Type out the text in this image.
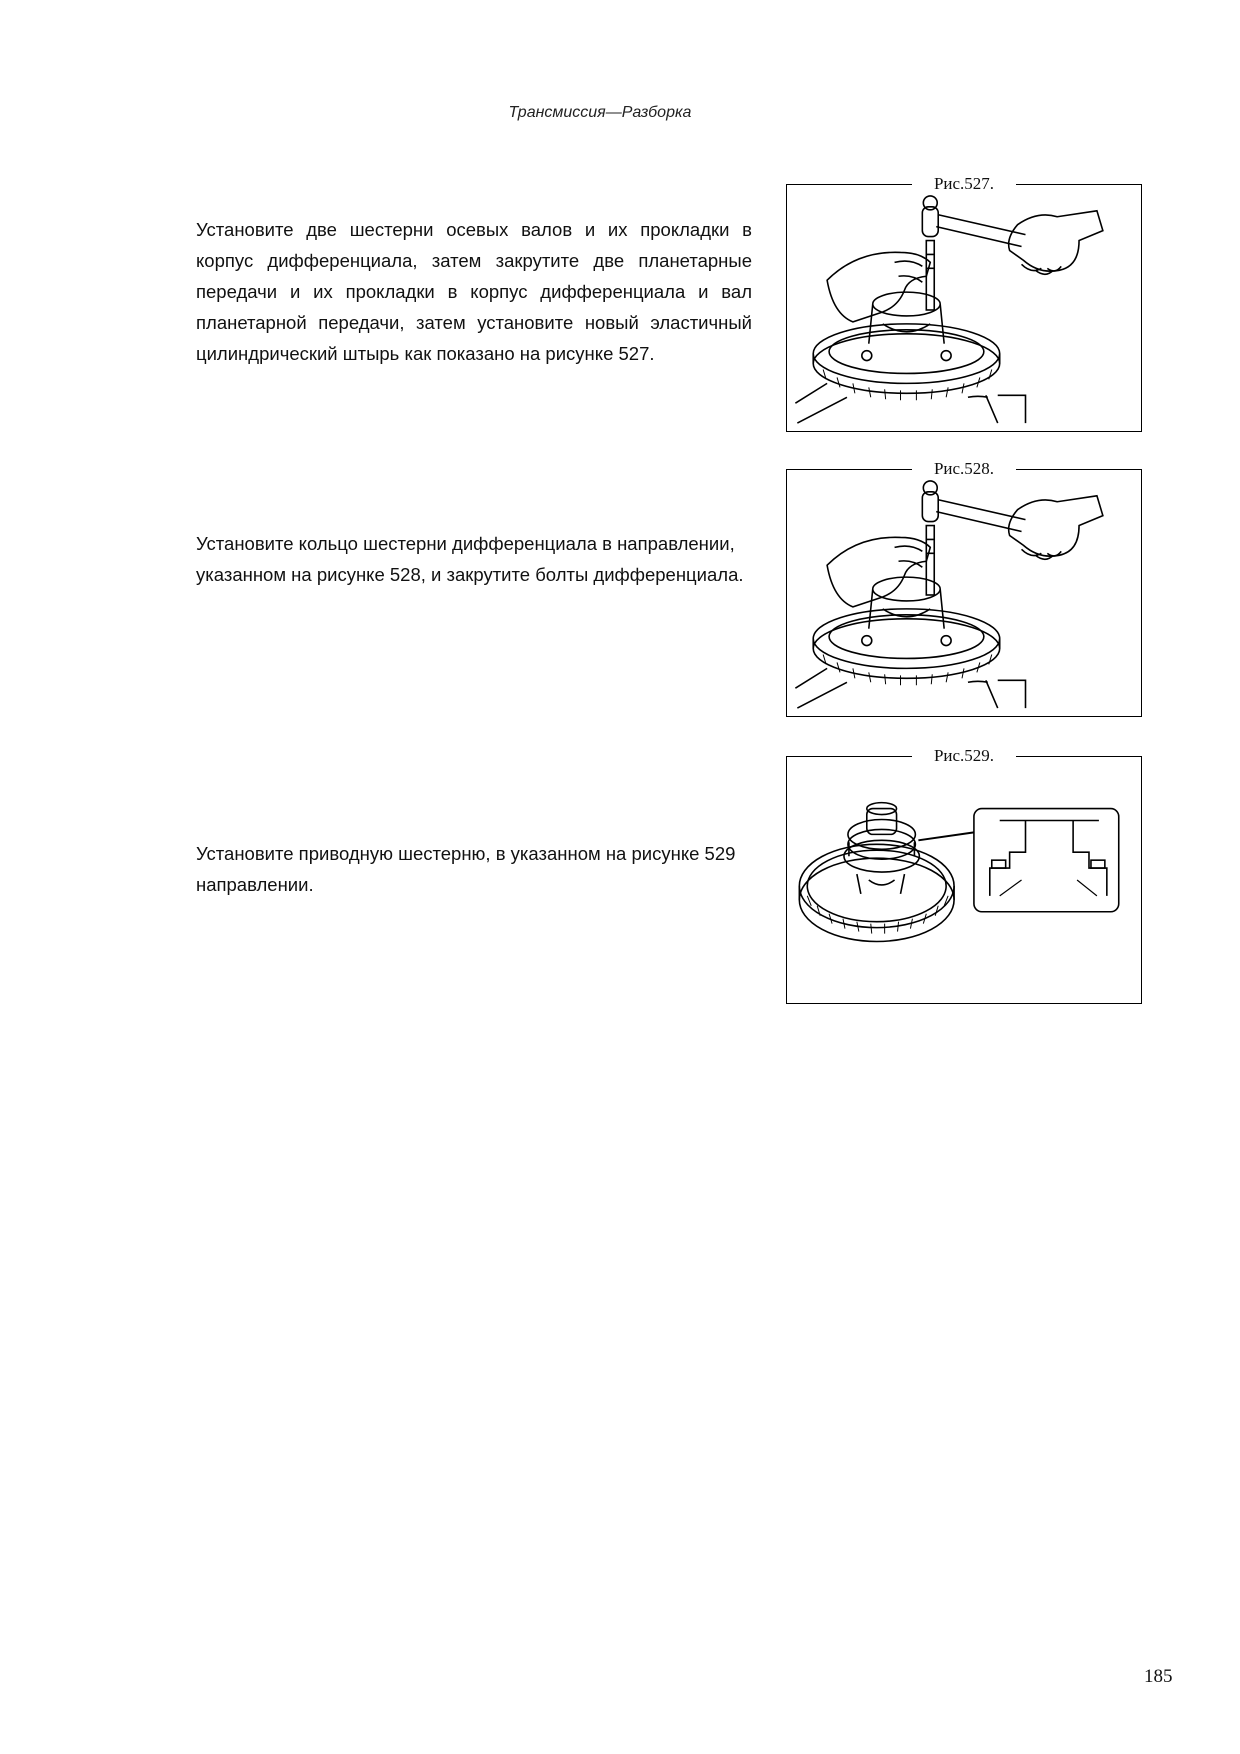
Трансмиссия—Разборка
Установите две шестерни осевых валов и их прокладки в корпус дифференциала, затем закрутите две планетарные передачи и их прокладки в корпус дифференциала и вал планетарной передачи, затем установите новый эластичный цилиндрический штырь как показано на рисунке 527.
Рис.527.
Установите кольцо шестерни дифференциала в направлении, указанном на рисунке 528, и закрутите болты дифференциала.
Рис.528.
Установите приводную шестерню, в указанном на рисунке 529 направлении.
Рис.529.
185
